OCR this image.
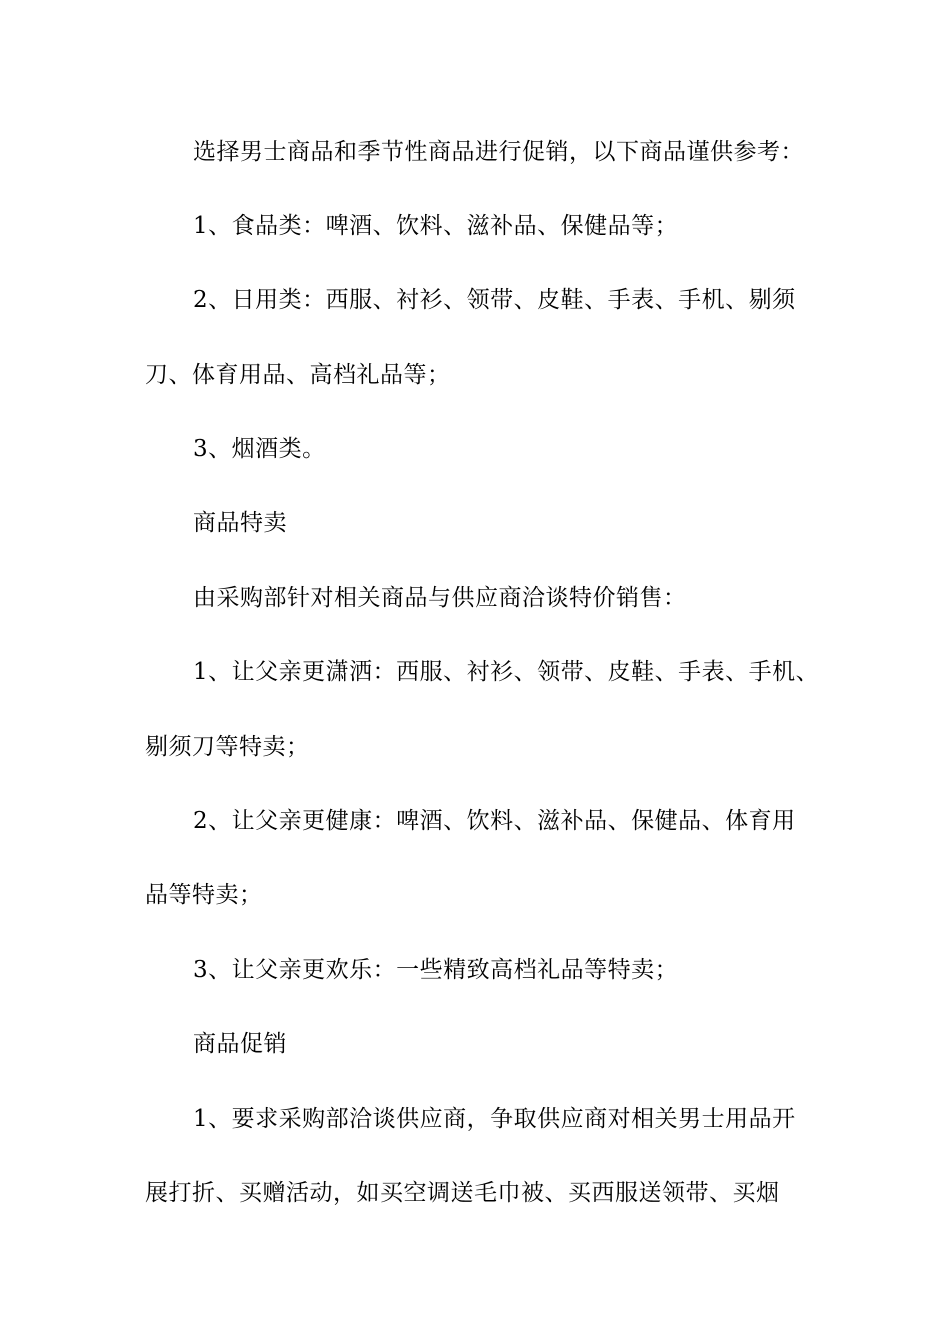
选择男士商品和季节性商品进行促销，以下商品谨供参考：
1、食品类：啤酒、饮料、滋补品、保健品等；
2、日用类：西服、衬衫、领带、皮鞋、手表、手机、剔须
刀、体育用品、高档礼品等；
3、烟酒类。
商品特卖
由采购部针对相关商品与供应商洽谈特价销售：
1、让父亲更潇洒：西服、衬衫、领带、皮鞋、手表、手机、
剔须刀等特卖；
2、让父亲更健康：啤酒、饮料、滋补品、保健品、体育用
品等特卖；
3、让父亲更欢乐：一些精致高档礼品等特卖；
商品促销
1、要求采购部洽谈供应商，争取供应商对相关男士用品开
展打折、买赠活动，如买空调送毛巾被、买西服送领带、买烟
